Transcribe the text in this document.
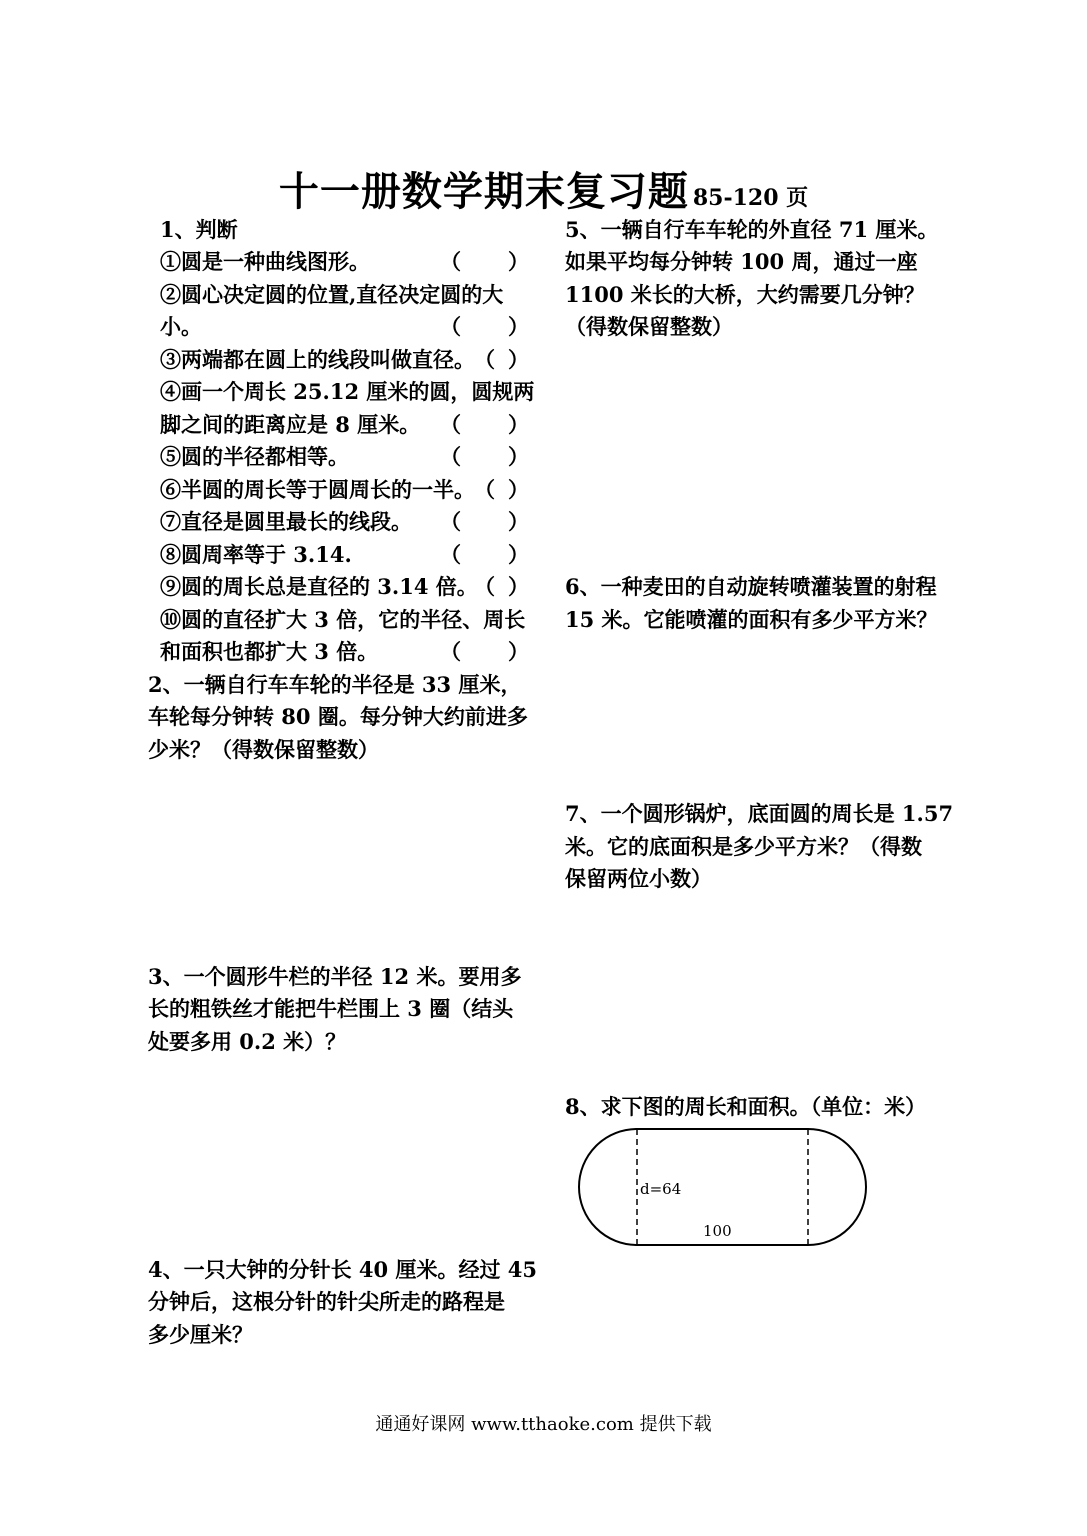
十一册数学期末复习题 85-120 页
1、判断
①圆是一种曲线图形。
②圆心决定圆的位置,直径决定圆的大
小。
③两端都在圆上的线段叫做直径。
④画一个周长 25.12 厘米的圆，圆规两
脚之间的距离应是 8 厘米。
⑤圆的半径都相等。
⑥半圆的周长等于圆周长的一半。
⑦直径是圆里最长的线段。
⑧圆周率等于 3.14.
⑨圆的周长总是直径的 3.14 倍。
⑩圆的直径扩大 3 倍，它的半径、周长
和面积也都扩大 3 倍。
（ ）
（ ）
（ ）
（ ）
（ ）
（ ）
（ ）
（ ）
（ ）
（ ）
2、一辆自行车车轮的半径是 33 厘米，
车轮每分钟转 80 圈。每分钟大约前进多
少米？（得数保留整数）
3、一个圆形牛栏的半径 12 米。要用多
长的粗铁丝才能把牛栏围上 3 圈（结头
处要多用 0.2 米）？
4、一只大钟的分针长 40 厘米。经过 45
分钟后，这根分针的针尖所走的路程是
多少厘米？
5、一辆自行车车轮的外直径 71 厘米。
如果平均每分钟转 100 周，通过一座
1100 米长的大桥，大约需要几分钟？
（得数保留整数）
6、一种麦田的自动旋转喷灌装置的射程
15 米。它能喷灌的面积有多少平方米？
7、一个圆形锅炉，底面圆的周长是 1.57
米。它的底面积是多少平方米？（得数
保留两位小数）
8、求下图的周长和面积。（单位：米）
d=64
100
通通好课网 www.tthaoke.com 提供下载
